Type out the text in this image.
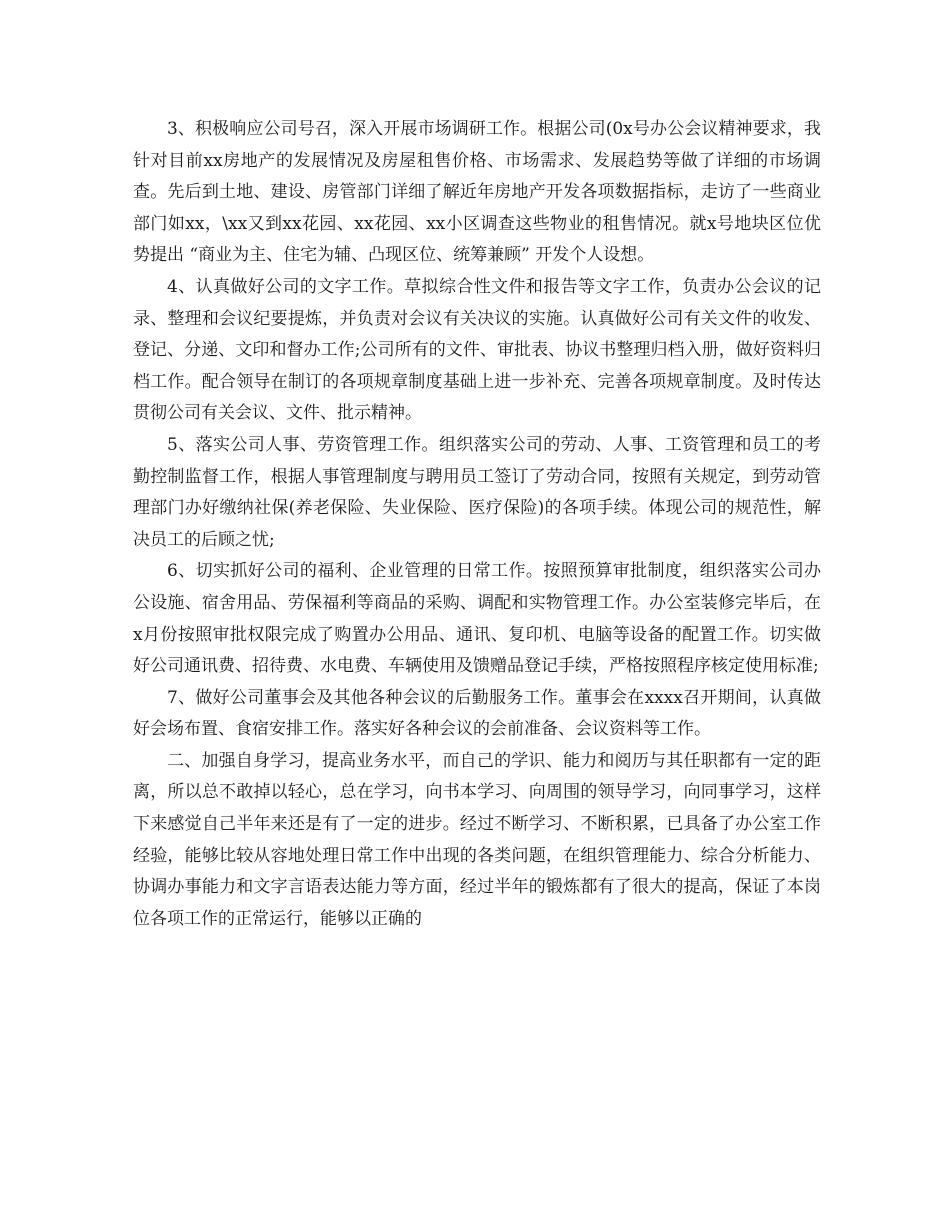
3、积极响应公司号召，深入开展市场调研工作。根据公司(0x号办公会议精神要求，我针对目前xx房地产的发展情况及房屋租售价格、市场需求、发展趋势等做了详细的市场调查。先后到土地、建设、房管部门详细了解近年房地产开发各项数据指标，走访了一些商业部门如xx，\xx又到xx花园、xx花园、xx小区调查这些物业的租售情况。就x号地块区位优势提出 “商业为主、住宅为辅、凸现区位、统筹兼顾” 开发个人设想。

4、认真做好公司的文字工作。草拟综合性文件和报告等文字工作，负责办公会议的记录、整理和会议纪要提炼，并负责对会议有关决议的实施。认真做好公司有关文件的收发、登记、分递、文印和督办工作;公司所有的文件、审批表、协议书整理归档入册，做好资料归档工作。配合领导在制订的各项规章制度基础上进一步补充、完善各项规章制度。及时传达贯彻公司有关会议、文件、批示精神。

5、落实公司人事、劳资管理工作。组织落实公司的劳动、人事、工资管理和员工的考勤控制监督工作，根据人事管理制度与聘用员工签订了劳动合同，按照有关规定，到劳动管理部门办好缴纳社保(养老保险、失业保险、医疗保险)的各项手续。体现公司的规范性，解决员工的后顾之忧;

6、切实抓好公司的福利、企业管理的日常工作。按照预算审批制度，组织落实公司办公设施、宿舍用品、劳保福利等商品的采购、调配和实物管理工作。办公室装修完毕后，在x月份按照审批权限完成了购置办公用品、通讯、复印机、电脑等设备的配置工作。切实做好公司通讯费、招待费、水电费、车辆使用及馈赠品登记手续，严格按照程序核定使用标准;

7、做好公司董事会及其他各种会议的后勤服务工作。董事会在xxxx召开期间，认真做好会场布置、食宿安排工作。落实好各种会议的会前准备、会议资料等工作。

二、加强自身学习，提高业务水平，而自己的学识、能力和阅历与其任职都有一定的距离，所以总不敢掉以轻心，总在学习，向书本学习、向周围的领导学习，向同事学习，这样下来感觉自己半年来还是有了一定的进步。经过不断学习、不断积累，已具备了办公室工作经验，能够比较从容地处理日常工作中出现的各类问题，在组织管理能力、综合分析能力、协调办事能力和文字言语表达能力等方面，经过半年的锻炼都有了很大的提高，保证了本岗位各项工作的正常运行，能够以正确的
